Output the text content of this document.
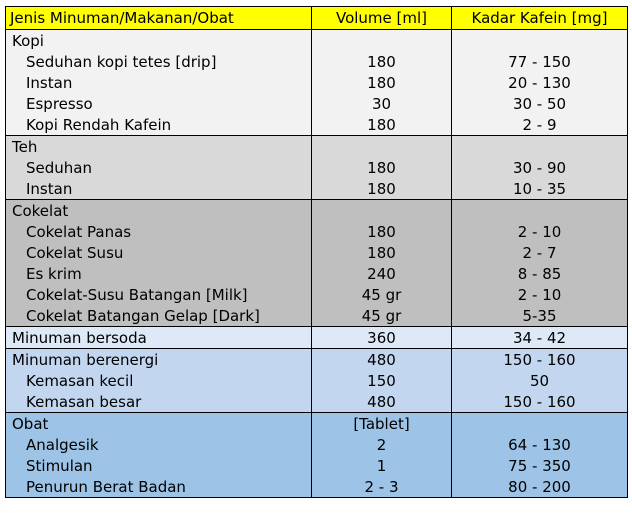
Jenis Minuman/Makanan/Obat	Volume [ml]	Kadar Kafein [mg]
Kopi		
Seduhan kopi tetes [drip]	180	77 - 150
Instan	180	20 - 130
Espresso	30	30 - 50
Kopi Rendah Kafein	180	2 - 9
Teh		
Seduhan	180	30 - 90
Instan	180	10 - 35
Cokelat		
Cokelat Panas	180	2 - 10
Cokelat Susu	180	2 - 7
Es krim	240	8 - 85
Cokelat-Susu Batangan [Milk]	45 gr	2 - 10
Cokelat Batangan Gelap [Dark]	45 gr	5-35
Minuman bersoda	360	34 - 42
Minuman berenergi	480	150 - 160
Kemasan kecil	150	50
Kemasan besar	480	150 - 160
Obat	[Tablet]	
Analgesik	2	64 - 130
Stimulan	1	75 - 350
Penurun Berat Badan	2 - 3	80 - 200
